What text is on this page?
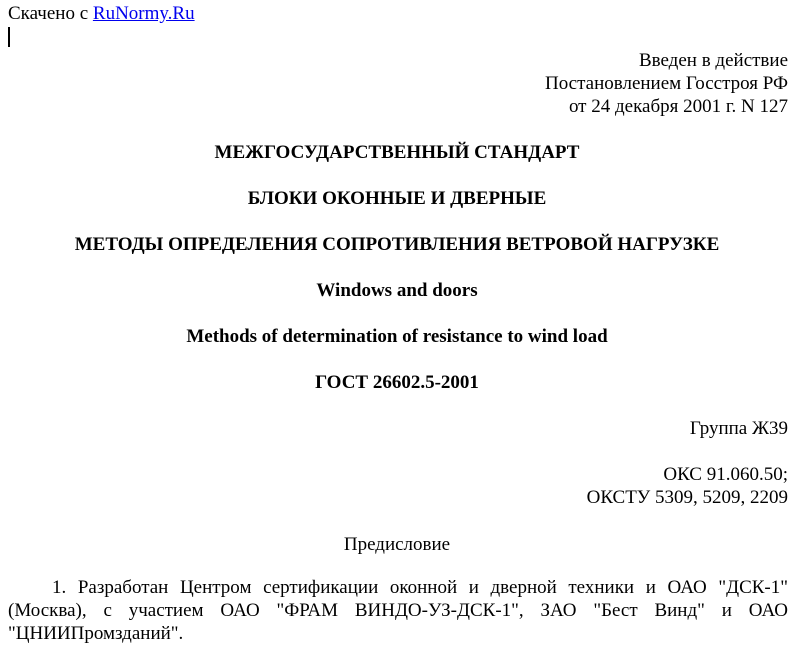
Скачено с RuNormy.Ru
Введен в действие
Постановлением Госстроя РФ
от 24 декабря 2001 г. N 127
МЕЖГОСУДАРСТВЕННЫЙ СТАНДАРТ
БЛОКИ ОКОННЫЕ И ДВЕРНЫЕ
МЕТОДЫ ОПРЕДЕЛЕНИЯ СОПРОТИВЛЕНИЯ ВЕТРОВОЙ НАГРУЗКЕ
Windows and doors
Methods of determination of resistance to wind load
ГОСТ 26602.5-2001
Группа Ж39
ОКС 91.060.50;
ОКСТУ 5309, 5209, 2209
Предисловие

1. Разработан Центром сертификации оконной и дверной техники и ОАО "ДСК-1" (Москва), с участием ОАО "ФРАМ ВИНДО-УЗ-ДСК-1", ЗАО "Бест Винд" и ОАО "ЦНИИПромзданий".
